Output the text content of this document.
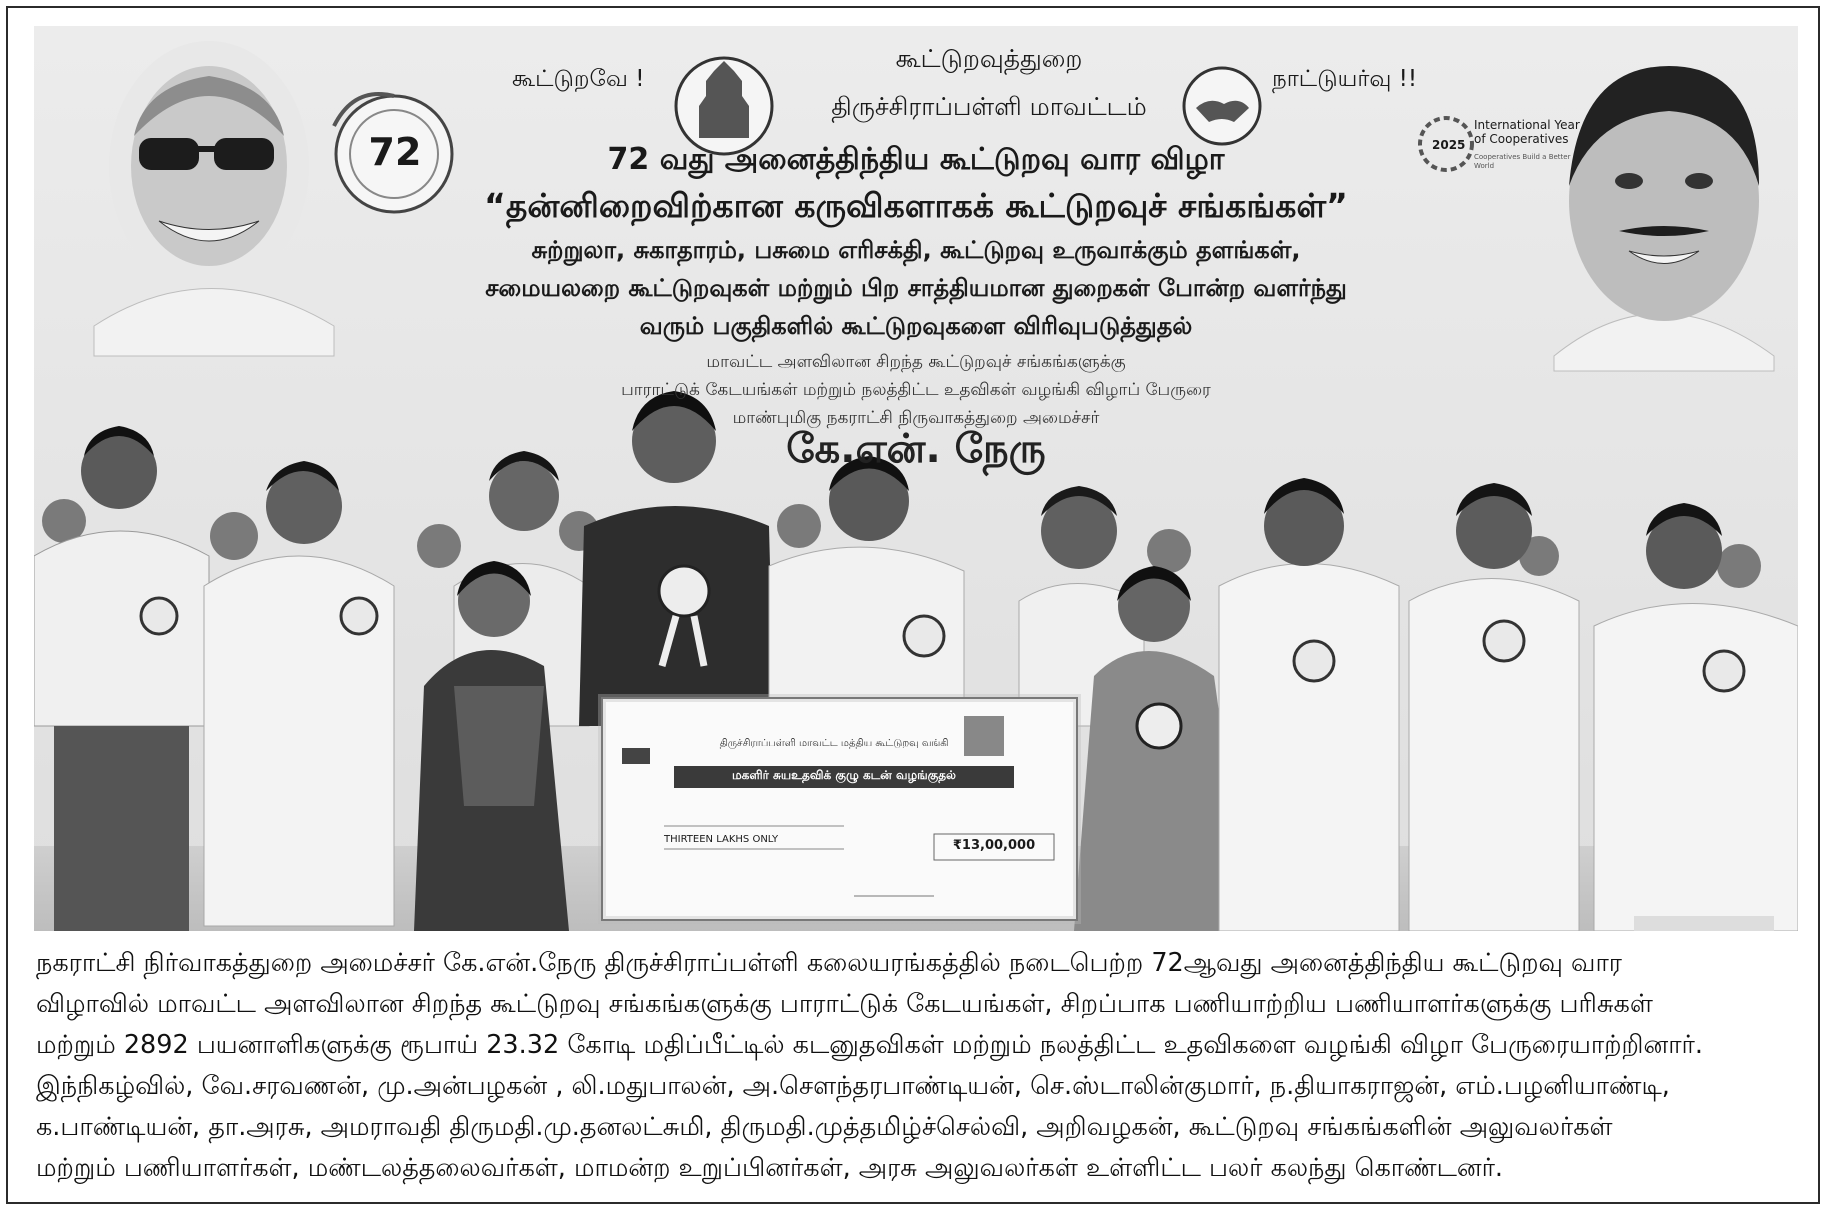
கூட்டுறவே !
கூட்டுறவுத்துறை
திருச்சிராப்பள்ளி மாவட்டம்
நாட்டுயர்வு !!
72
International Year of Cooperatives
2025
Cooperatives Build a Better World
72 வது அனைத்திந்திய கூட்டுறவு வார விழா
“தன்னிறைவிற்கான கருவிகளாகக் கூட்டுறவுச் சங்கங்கள்”
சுற்றுலா, சுகாதாரம், பசுமை எரிசக்தி, கூட்டுறவு உருவாக்கும் தளங்கள்,
சமையலறை கூட்டுறவுகள் மற்றும் பிற சாத்தியமான துறைகள் போன்ற வளர்ந்து
வரும் பகுதிகளில் கூட்டுறவுகளை விரிவுபடுத்துதல்
மாவட்ட அளவிலான சிறந்த கூட்டுறவுச் சங்கங்களுக்கு
பாராட்டுக் கேடயங்கள் மற்றும் நலத்திட்ட உதவிகள் வழங்கி விழாப் பேருரை
மாண்புமிகு நகராட்சி நிருவாகத்துறை அமைச்சர்
கே.என். நேரு
திருச்சிராப்பள்ளி மாவட்ட மத்திய கூட்டுறவு வங்கி
மகளிர் சுயஉதவிக் குழு கடன் வழங்குதல்
THIRTEEN LAKHS ONLY	₹13,00,000
நகராட்சி நிர்வாகத்துறை அமைச்சர் கே.என்.நேரு திருச்சிராப்பள்ளி கலையரங்கத்தில் நடைபெற்ற 72ஆவது அனைத்திந்திய கூட்டுறவு வார
விழாவில் மாவட்ட அளவிலான சிறந்த கூட்டுறவு சங்கங்களுக்கு பாராட்டுக் கேடயங்கள், சிறப்பாக பணியாற்றிய பணியாளர்களுக்கு பரிசுகள்
மற்றும் 2892 பயனாளிகளுக்கு ரூபாய் 23.32 கோடி மதிப்பீட்டில் கடனுதவிகள் மற்றும் நலத்திட்ட உதவிகளை வழங்கி விழா பேருரையாற்றினார்.
இந்நிகழ்வில், வே.சரவணன், மு.அன்பழகன் , லி.மதுபாலன், அ.சௌந்தரபாண்டியன், செ.ஸ்டாலின்குமார், ந.தியாகராஜன், எம்.பழனியாண்டி,
க.பாண்டியன், தா.அரசு, அமராவதி திருமதி.மு.தனலட்சுமி, திருமதி.முத்தமிழ்ச்செல்வி, அறிவழகன், கூட்டுறவு சங்கங்களின் அலுவலர்கள்
மற்றும் பணியாளர்கள், மண்டலத்தலைவர்கள், மாமன்ற உறுப்பினர்கள், அரசு அலுவலர்கள் உள்ளிட்ட பலர் கலந்து கொண்டனர்.
